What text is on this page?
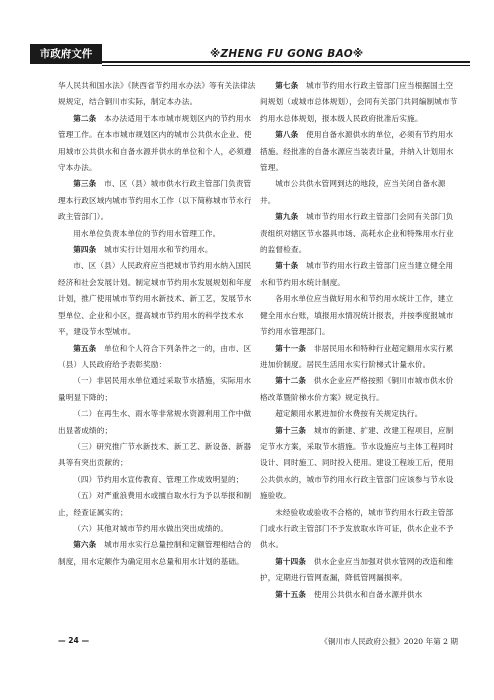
市政府文件	※ZHENG FU GONG BAO※

华人民共和国水法》《陕西省节约用水办法》等有关法律法规规定，结合铜川市实际，制定本办法。

第二条　 本办法适用于本市城市规划区内的节约用水管理工作。在本市城市规划区内的城市公共供水企业、使用城市公共供水和自备水源并供水的单位和个人，必须遵守本办法。

第三条　 市、区（县）城市供水行政主管部门负责管理本行政区域内城市节约用水工作（以下简称城市节水行政主管部门）。

用水单位负责本单位的节约用水管理工作。

第四条　 城市实行计划用水和节约用水。

市、区（县）人民政府应当把城市节约用水纳入国民经济和社会发展计划。制定城市节约用水发展规划和年度计划，推广使用城市节约用水新技术、新工艺，发展节水型单位、企业和小区，提高城市节约用水的科学技术水平，建设节水型城市。

第五条　 单位和个人符合下列条件之一的，由市、区（县）人民政府给予表彰奖励：

（一）非居民用水单位通过采取节水措施，实际用水量明显下降的；

（二）在再生水、雨水等非常规水资源利用工作中做出显著成绩的；

（三）研究推广节水新技术、新工艺、新设备、新器具等有突出贡献的；

（四）节约用水宣传教育、管理工作成效明显的；

（五）对严重浪费用水或擅自取水行为予以举报和制止，经查证属实的；

（六）其他对城市节约用水做出突出成绩的。

第六条　 城市用水实行总量控制和定额管理相结合的制度，用水定额作为确定用水总量和用水计划的基础。

第七条　 城市节约用水行政主管部门应当根据国土空间规划（或城市总体规划），会同有关部门共同编制城市节约用水总体规划，报本级人民政府批准后实施。

第八条　 使用自备水源供水的单位，必须有节约用水措施。经批准的自备水源应当装表计量，并纳入计划用水管理。

城市公共供水管网到达的地段，应当关闭自备水源井。

第九条　 城市节约用水行政主管部门会同有关部门负责组织对辖区节水器具市场、高耗水企业和特殊用水行业的监督检查。

第十条　 城市节约用水行政主管部门应当建立健全用水和节约用水统计制度。

各用水单位应当做好用水和节约用水统计工作，建立健全用水台账，填报用水情况统计报表，并按季度报城市节约用水管理部门。

第十一条　 非居民用水和特种行业超定额用水实行累进加价制度。居民生活用水实行阶梯式计量水价。

第十二条　 供水企业应严格按照《铜川市城市供水价格改革暨阶梯水价方案》规定执行。

超定额用水累进加价水费按有关规定执行。

第十三条　 城市的新建、扩建、改建工程项目，应制定节水方案，采取节水措施。节水设施应与主体工程同时设计、同时施工、同时投入使用。建设工程竣工后，使用公共供水的，城市节约用水行政主管部门应该参与节水设施验收。

未经验收或验收不合格的，城市节约用水行政主管部门或水行政主管部门不予发放取水许可证，供水企业不予供水。

第十四条　 供水企业应当加强对供水管网的改造和维护，定期进行管网查漏，降低管网漏损率。

第十五条　 使用公共供水和自备水源并供水

— 24 —	《铜川市人民政府公报》2020 年第 2 期
